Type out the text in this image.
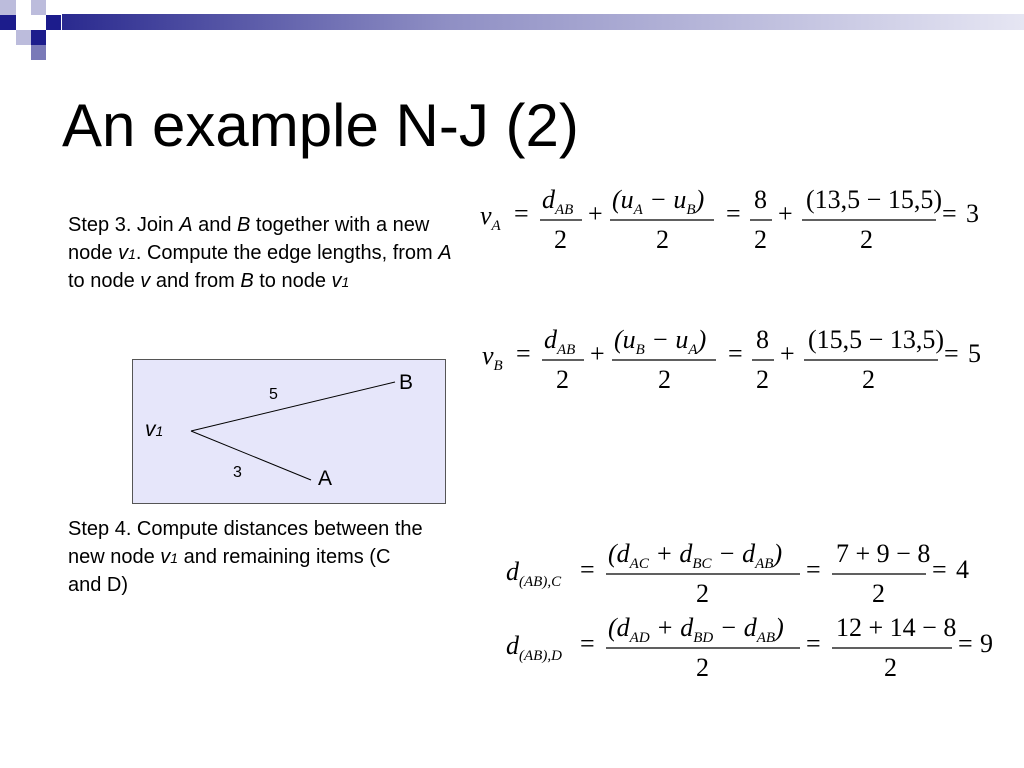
An example N-J (2)
Step 3. Join A and B together with a new node v1. Compute the edge lengths, from A to node v and from B to node v1
v1
B
A
5
3
Step 4. Compute distances between the new node v1 and remaining items (C and D)
$v_A = d_{AB}$
2
+ $(u_A - u_B)$
2
= 8
2
+ (13,5 − 15,5)
2
= 3
$v_B = d_{AB}$
2
+ $(u_B - u_A)$
2
= 8
2
+ (15,5 − 13,5)
2
= 5
$d_{(AB),C}$ =
$(d_{AC} + d_{BC} - d_{AB})$
2
=
7 + 9 − 8
2
= 4
$d_{(AB),D}$ =
$(d_{AD} + d_{BD} - d_{AB})$
2
=
12 + 14 − 8
2
= 9
